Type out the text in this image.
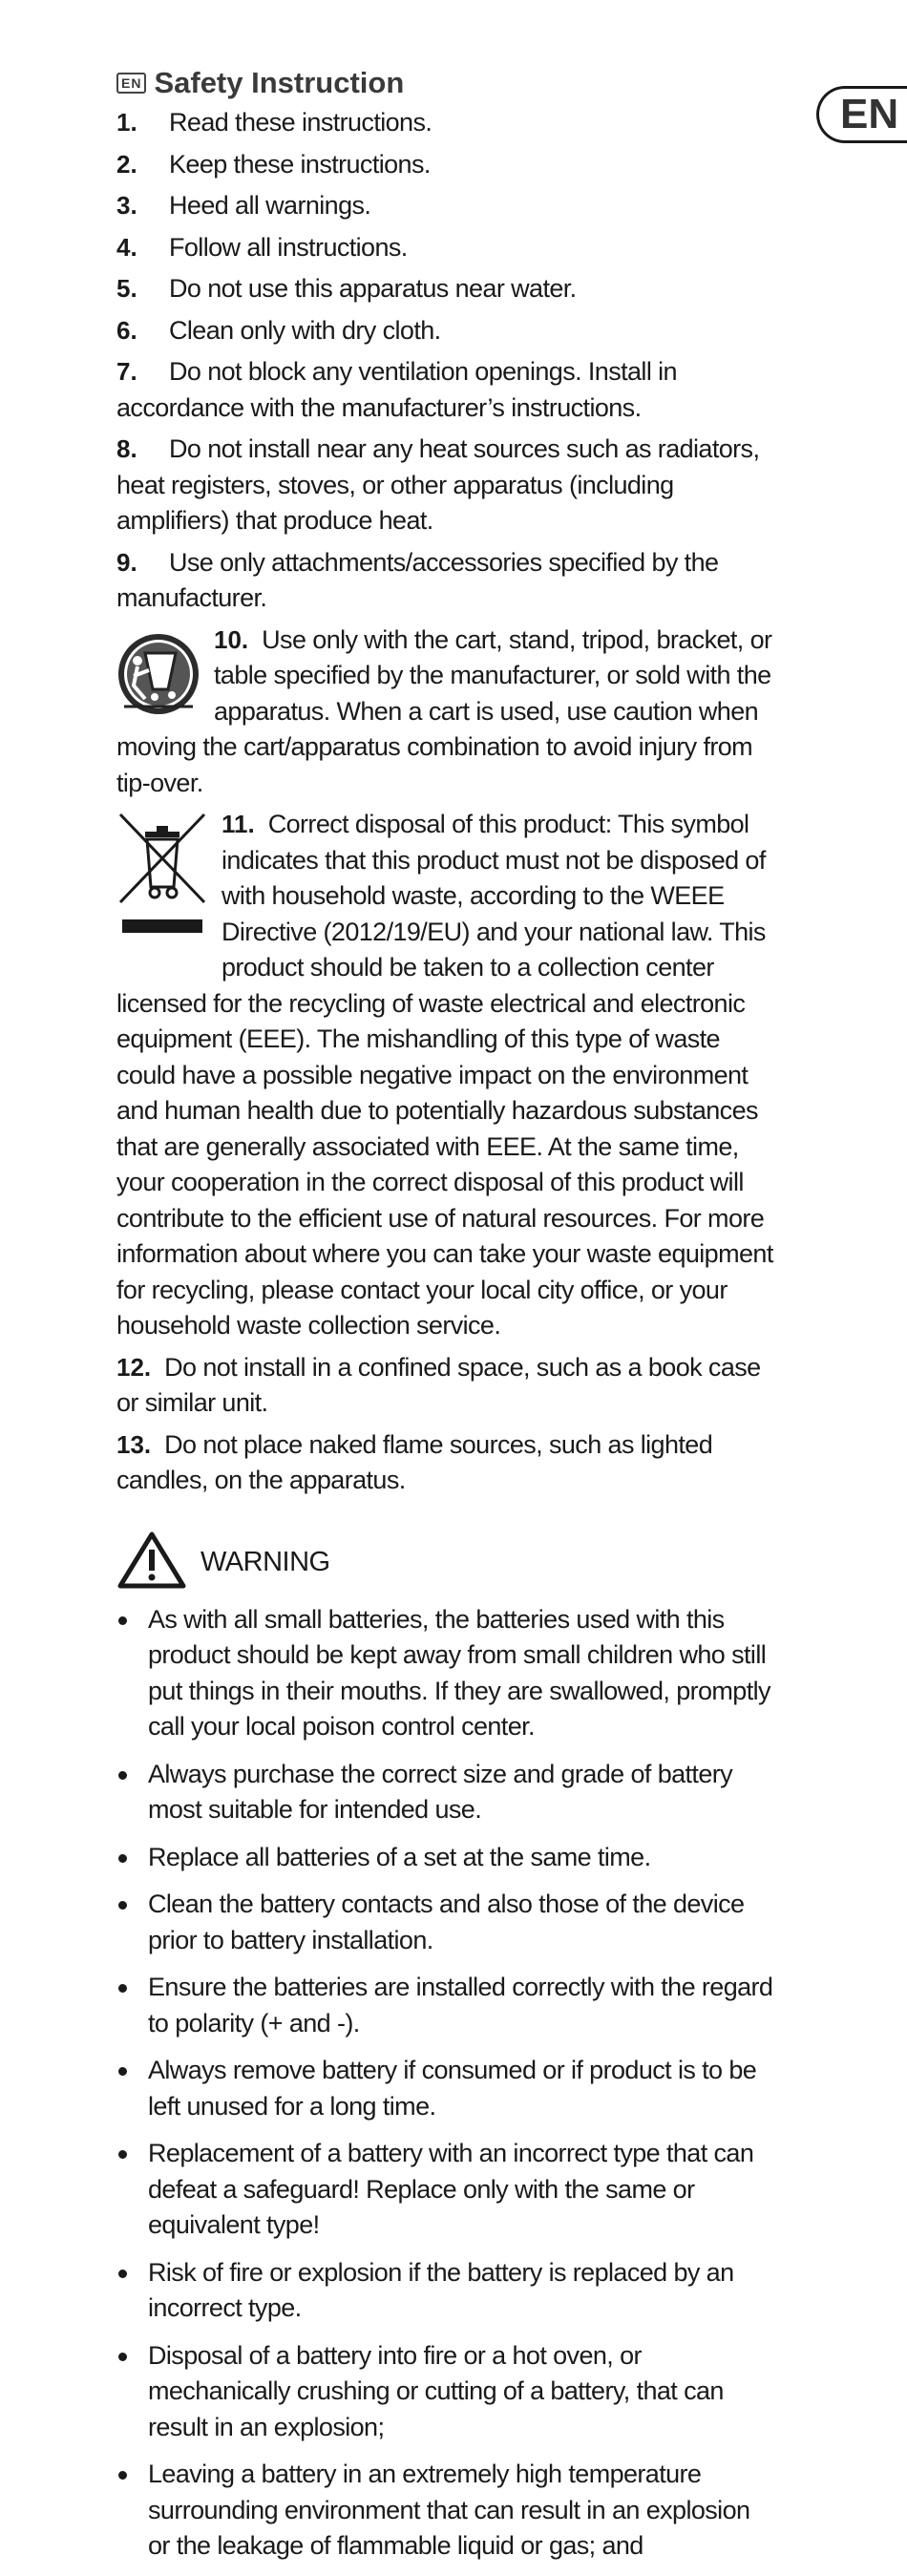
EN
EN Safety Instruction
1. Read these instructions.
2. Keep these instructions.
3. Heed all warnings.
4. Follow all instructions.
5. Do not use this apparatus near water.
6. Clean only with dry cloth.
7. Do not block any ventilation openings. Install in accordance with the manufacturer’s instructions.
8. Do not install near any heat sources such as radiators, heat registers, stoves, or other apparatus (including amplifiers) that produce heat.
9. Use only attachments/accessories specified by the manufacturer.
10. Use only with the cart, stand, tripod, bracket, or table specified by the manufacturer, or sold with the apparatus. When a cart is used, use caution when moving the cart/apparatus combination to avoid injury from tip-over.
11. Correct disposal of this product: This symbol indicates that this product must not be disposed of with household waste, according to the WEEE Directive (2012/19/EU) and your national law. This product should be taken to a collection center licensed for the recycling of waste electrical and electronic equipment (EEE). The mishandling of this type of waste could have a possible negative impact on the environment and human health due to potentially hazardous substances that are generally associated with EEE. At the same time, your cooperation in the correct disposal of this product will contribute to the efficient use of natural resources. For more information about where you can take your waste equipment for recycling, please contact your local city office, or your household waste collection service.
12. Do not install in a confined space, such as a book case or similar unit.
13. Do not place naked flame sources, such as lighted candles, on the apparatus.
WARNING
As with all small batteries, the batteries used with this product should be kept away from small children who still put things in their mouths. If they are swallowed, promptly call your local poison control center.
Always purchase the correct size and grade of battery most suitable for intended use.
Replace all batteries of a set at the same time.
Clean the battery contacts and also those of the device prior to battery installation.
Ensure the batteries are installed correctly with the regard to polarity (+ and -).
Always remove battery if consumed or if product is to be left unused for a long time.
Replacement of a battery with an incorrect type that can defeat a safeguard! Replace only with the same or equivalent type!
Risk of fire or explosion if the battery is replaced by an incorrect type.
Disposal of a battery into fire or a hot oven, or mechanically crushing or cutting of a battery, that can result in an explosion;
Leaving a battery in an extremely high temperature surrounding environment that can result in an explosion or the leakage of flammable liquid or gas; and
